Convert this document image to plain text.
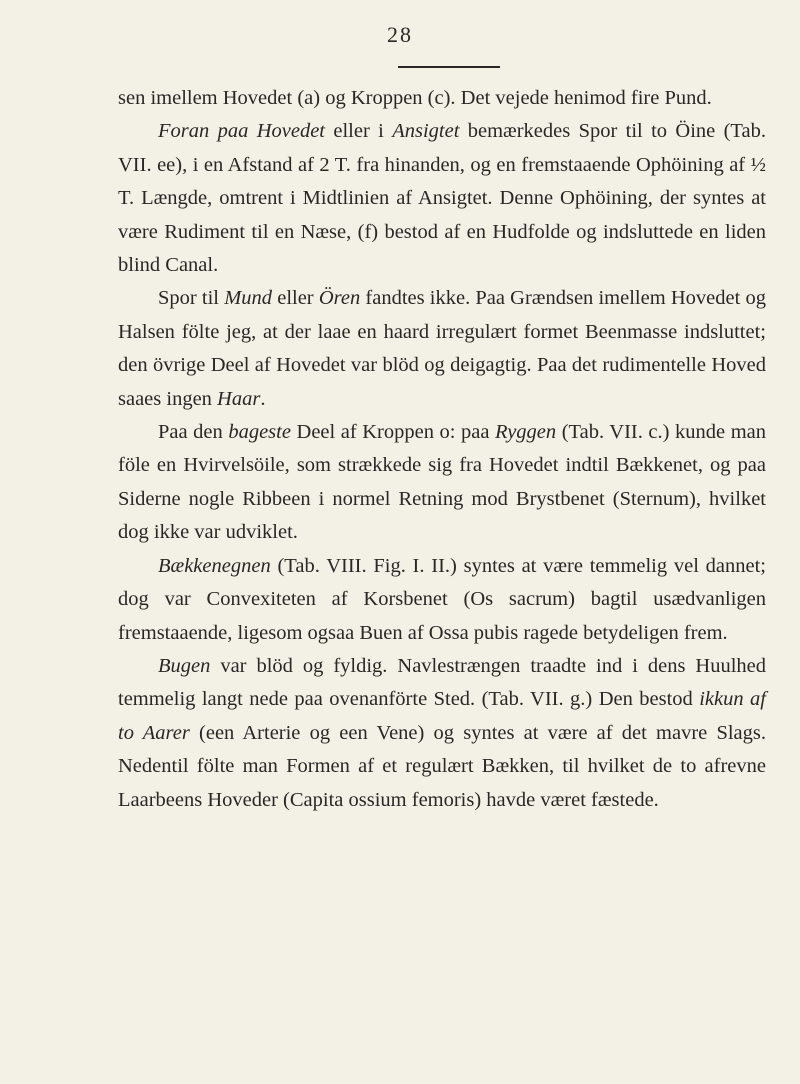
28

sen imellem Hovedet (a) og Kroppen (c). Det vejede henimod fire Pund.

Foran paa Hovedet eller i Ansigtet bemærkedes Spor til to Öine (Tab. VII. ee), i en Afstand af 2 T. fra hinanden, og en fremstaaende Ophöining af ½ T. Længde, omtrent i Midtlinien af Ansigtet. Denne Ophöining, der syntes at være Rudiment til en Næse, (f) bestod af en Hudfolde og indsluttede en liden blind Canal.

Spor til Mund eller Ören fandtes ikke. Paa Grændsen imellem Hovedet og Halsen fölte jeg, at der laae en haard irregulært formet Beenmasse indsluttet; den övrige Deel af Hovedet var blöd og deigagtig. Paa det rudimentelle Hoved saaes ingen Haar.

Paa den bageste Deel af Kroppen o: paa Ryggen (Tab. VII. c.) kunde man föle en Hvirvelsöile, som strækkede sig fra Hovedet indtil Bækkenet, og paa Siderne nogle Ribbeen i normel Retning mod Brystbenet (Sternum), hvilket dog ikke var udviklet.

Bækkenegnen (Tab. VIII. Fig. I. II.) syntes at være temmelig vel dannet; dog var Convexiteten af Korsbenet (Os sacrum) bagtil usædvanligen fremstaaende, ligesom ogsaa Buen af Ossa pubis ragede betydeligen frem.

Bugen var blöd og fyldig. Navlestrængen traadte ind i dens Huulhed temmelig langt nede paa ovenanförte Sted. (Tab. VII. g.) Den bestod ikkun af to Aarer (een Arterie og een Vene) og syntes at være af det mavre Slags. Nedentil fölte man Formen af et regulært Bækken, til hvilket de to afrevne Laarbeens Hoveder (Capita ossium femoris) havde været fæstede.
